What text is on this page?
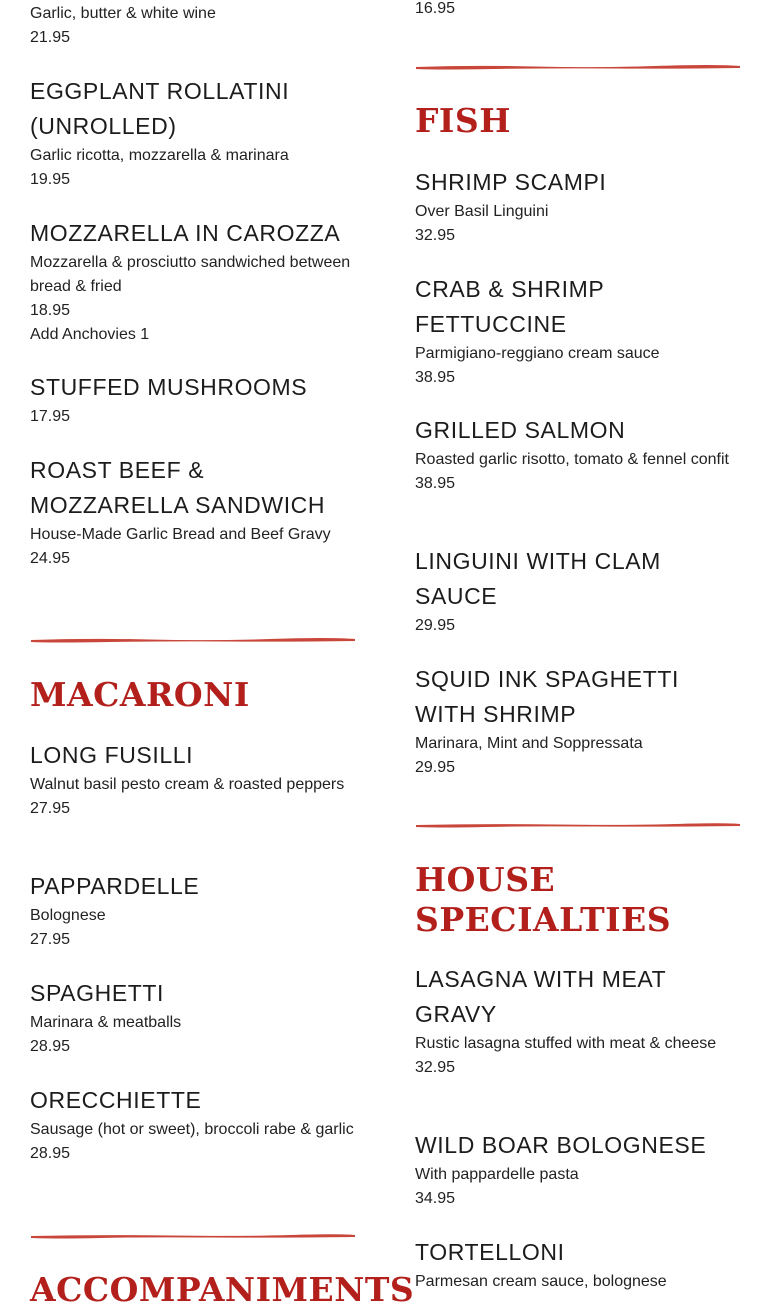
Garlic, butter & white wine
21.95
EGGPLANT ROLLATINI (UNROLLED)
Garlic ricotta, mozzarella & marinara
19.95
MOZZARELLA IN CAROZZA
Mozzarella & prosciutto sandwiched between bread & fried
18.95
Add Anchovies 1
STUFFED MUSHROOMS
17.95
ROAST BEEF & MOZZARELLA SANDWICH
House-Made Garlic Bread and Beef Gravy
24.95
MACARONI
LONG FUSILLI
Walnut basil pesto cream & roasted peppers
27.95
PAPPARDELLE
Bolognese
27.95
SPAGHETTI
Marinara & meatballs
28.95
ORECCHIETTE
Sausage (hot or sweet), broccoli rabe & garlic
28.95
ACCOMPANIMENTS
16.95
FISH
SHRIMP SCAMPI
Over Basil Linguini
32.95
CRAB & SHRIMP FETTUCCINE
Parmigiano-reggiano cream sauce
38.95
GRILLED SALMON
Roasted garlic risotto, tomato & fennel confit
38.95
LINGUINI WITH CLAM SAUCE
29.95
SQUID INK SPAGHETTI WITH SHRIMP
Marinara, Mint and Soppressata
29.95
HOUSE SPECIALTIES
LASAGNA WITH MEAT GRAVY
Rustic lasagna stuffed with meat & cheese
32.95
WILD BOAR BOLOGNESE
With pappardelle pasta
34.95
TORTELLONI
Parmesan cream sauce, bolognese
